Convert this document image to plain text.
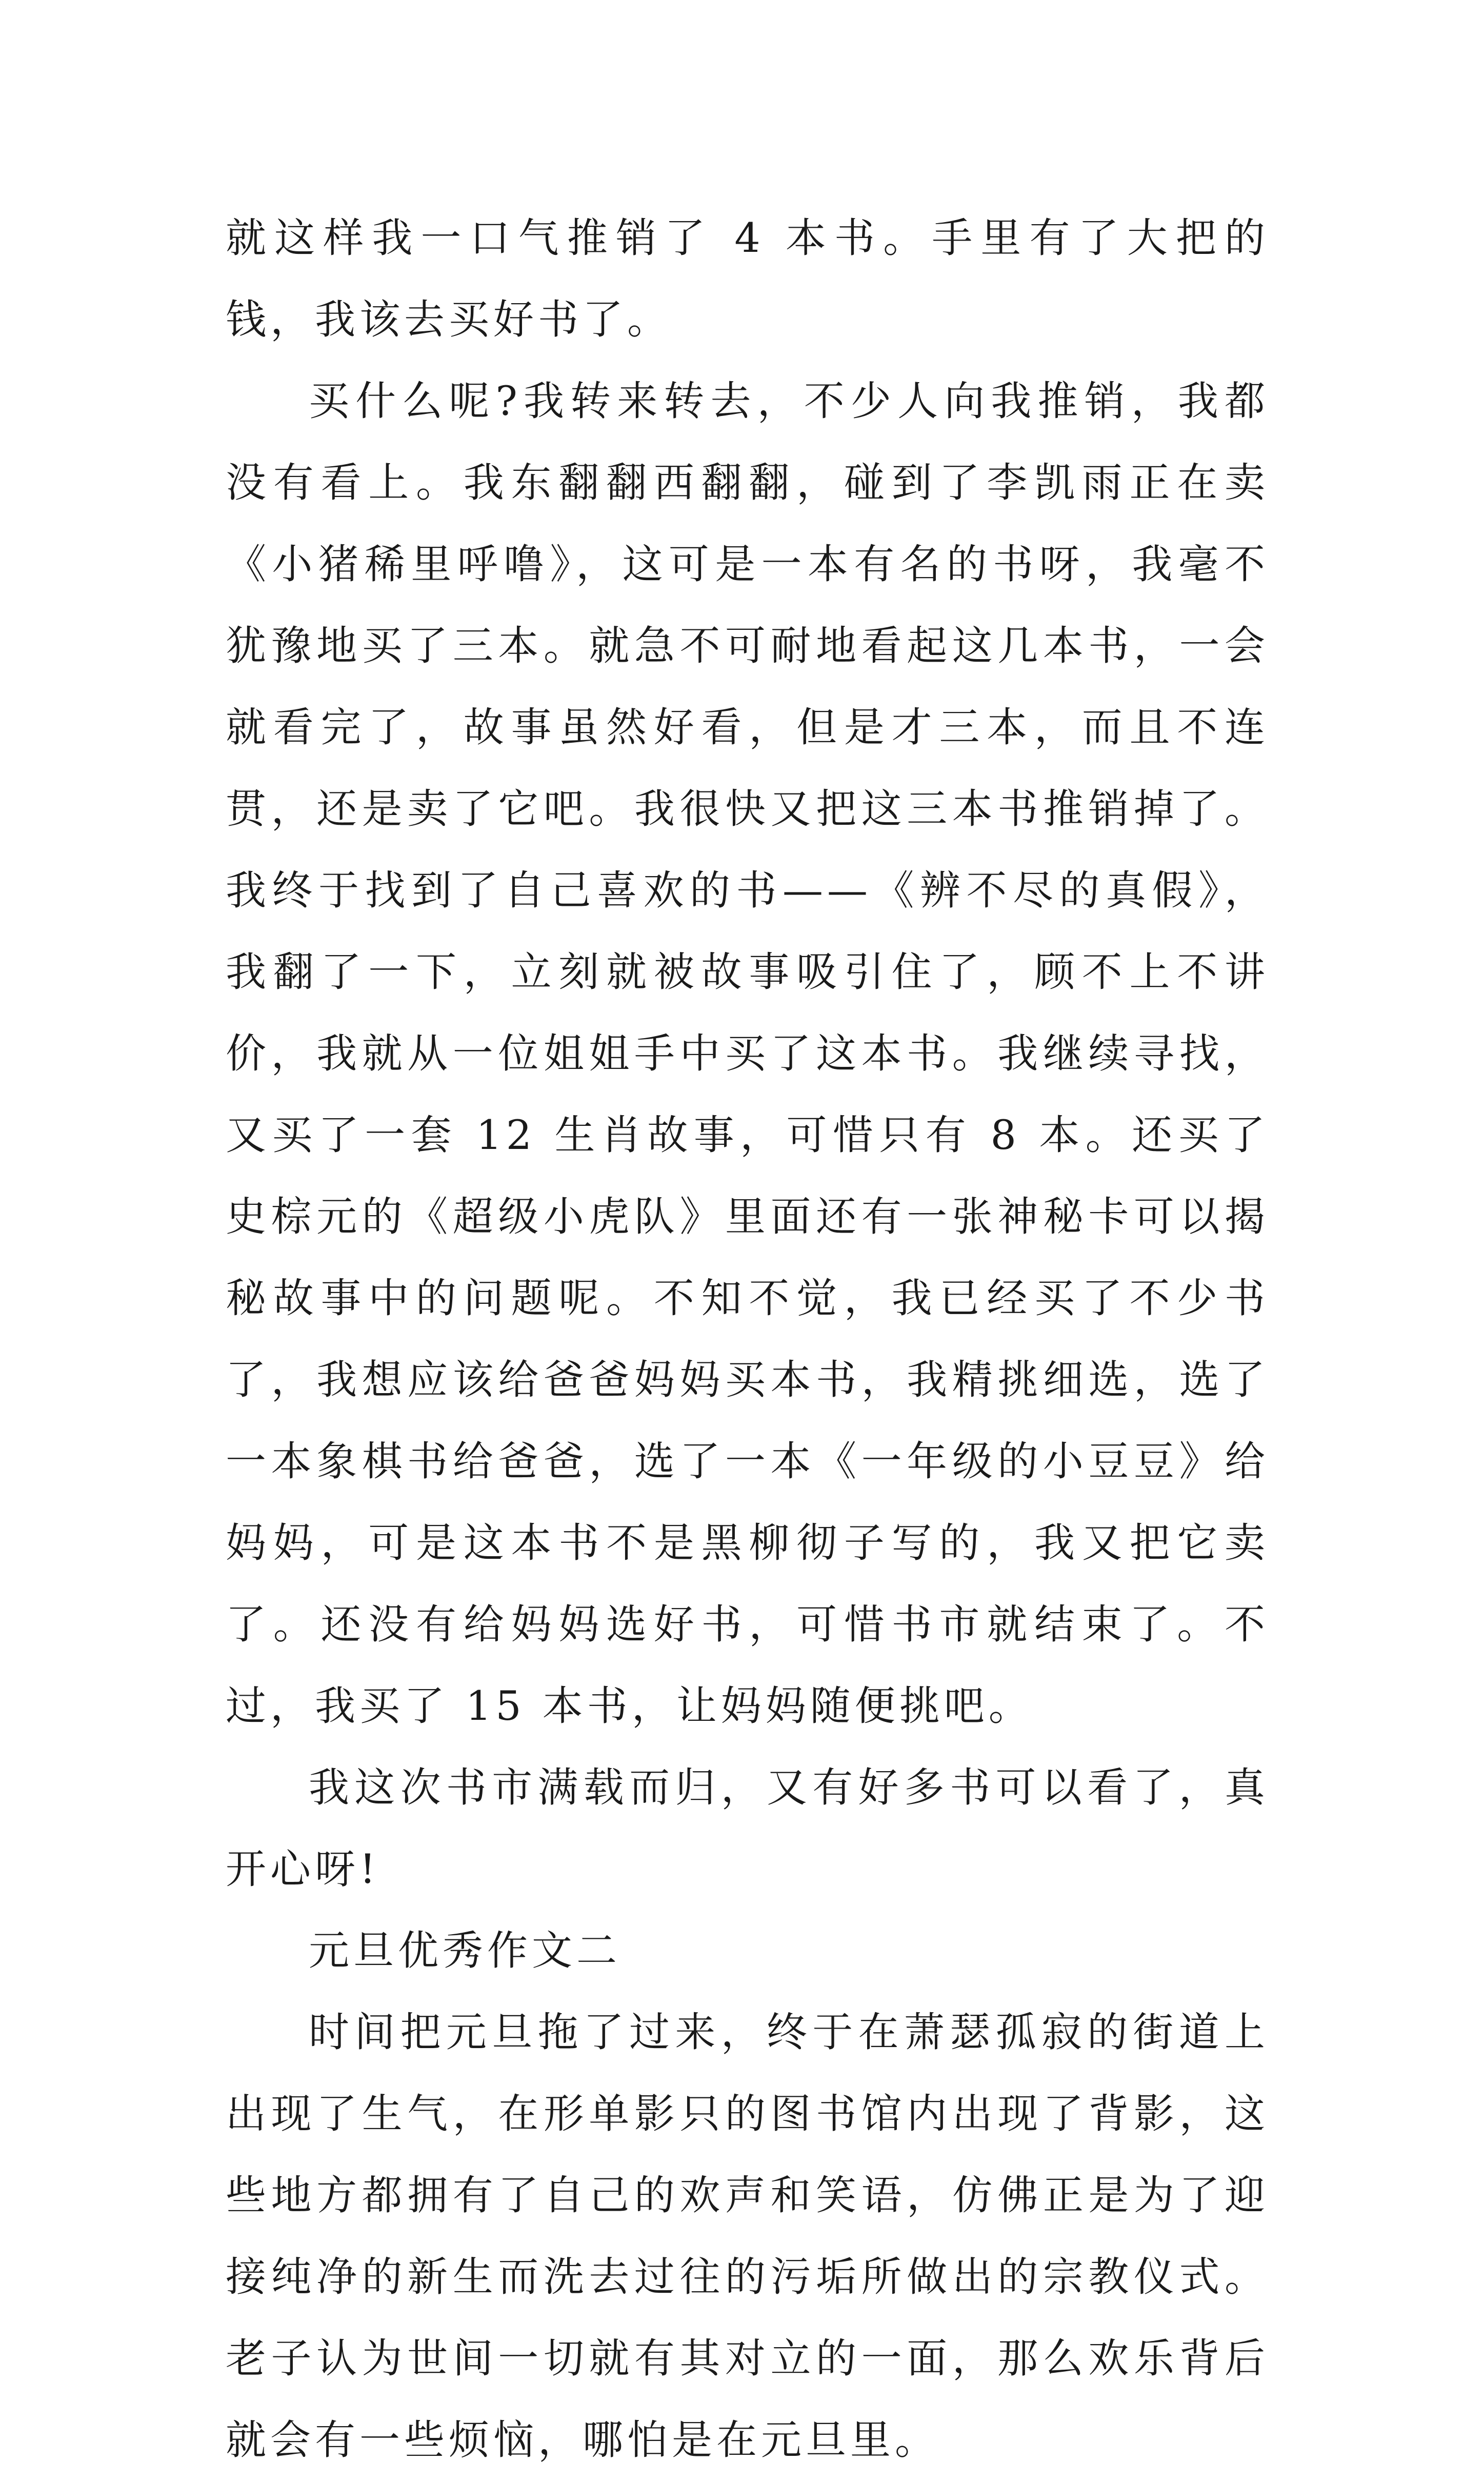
就这样我一口气推销了 4 本书。手里有了大把的钱，我该去买好书了。

买什么呢?我转来转去，不少人向我推销，我都没有看上。我东翻翻西翻翻，碰到了李凯雨正在卖《小猪稀里呼噜》，这可是一本有名的书呀，我毫不犹豫地买了三本。就急不可耐地看起这几本书，一会就看完了，故事虽然好看，但是才三本，而且不连贯，还是卖了它吧。我很快又把这三本书推销掉了。我终于找到了自己喜欢的书——《辨不尽的真假》，我翻了一下，立刻就被故事吸引住了，顾不上不讲价，我就从一位姐姐手中买了这本书。我继续寻找，又买了一套 12 生肖故事，可惜只有 8 本。还买了史棕元的《超级小虎队》里面还有一张神秘卡可以揭秘故事中的问题呢。不知不觉，我已经买了不少书了，我想应该给爸爸妈妈买本书，我精挑细选，选了一本象棋书给爸爸，选了一本《一年级的小豆豆》给妈妈，可是这本书不是黑柳彻子写的，我又把它卖了。还没有给妈妈选好书，可惜书市就结束了。不过，我买了 15 本书，让妈妈随便挑吧。

我这次书市满载而归，又有好多书可以看了，真开心呀!

元旦优秀作文二

时间把元旦拖了过来，终于在萧瑟孤寂的街道上出现了生气，在形单影只的图书馆内出现了背影，这些地方都拥有了自己的欢声和笑语，仿佛正是为了迎接纯净的新生而洗去过往的污垢所做出的宗教仪式。老子认为世间一切就有其对立的一面，那么欢乐背后就会有一些烦恼，哪怕是在元旦里。
